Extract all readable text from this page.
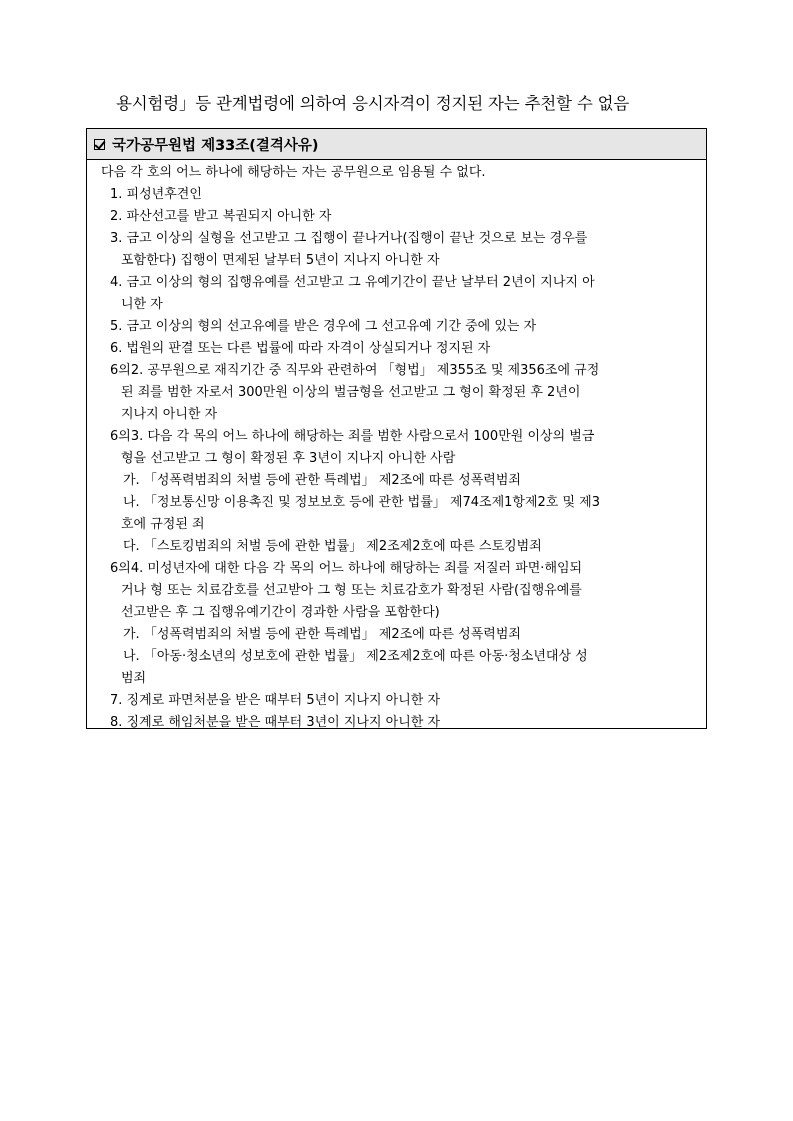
용시험령」등 관계법령에 의하여 응시자격이 정지된 자는 추천할 수 없음
국가공무원법 제33조(결격사유)
다음 각 호의 어느 하나에 해당하는 자는 공무원으로 임용될 수 없다.
1. 피성년후견인
2. 파산선고를 받고 복권되지 아니한 자
3. 금고 이상의 실형을 선고받고 그 집행이 끝나거나(집행이 끝난 것으로 보는 경우를
포함한다) 집행이 면제된 날부터 5년이 지나지 아니한 자
4. 금고 이상의 형의 집행유예를 선고받고 그 유예기간이 끝난 날부터 2년이 지나지 아
니한 자
5. 금고 이상의 형의 선고유예를 받은 경우에 그 선고유예 기간 중에 있는 자
6. 법원의 판결 또는 다른 법률에 따라 자격이 상실되거나 정지된 자
6의2. 공무원으로 재직기간 중 직무와 관련하여 「형법」 제355조 및 제356조에 규정
된 죄를 범한 자로서 300만원 이상의 벌금형을 선고받고 그 형이 확정된 후 2년이
지나지 아니한 자
6의3. 다음 각 목의 어느 하나에 해당하는 죄를 범한 사람으로서 100만원 이상의 벌금
형을 선고받고 그 형이 확정된 후 3년이 지나지 아니한 사람
가. 「성폭력범죄의 처벌 등에 관한 특례법」 제2조에 따른 성폭력범죄
나. 「정보통신망 이용촉진 및 정보보호 등에 관한 법률」 제74조제1항제2호 및 제3
호에 규정된 죄
다. 「스토킹범죄의 처벌 등에 관한 법률」 제2조제2호에 따른 스토킹범죄
6의4. 미성년자에 대한 다음 각 목의 어느 하나에 해당하는 죄를 저질러 파면·해임되
거나 형 또는 치료감호를 선고받아 그 형 또는 치료감호가 확정된 사람(집행유예를
선고받은 후 그 집행유예기간이 경과한 사람을 포함한다)
가. 「성폭력범죄의 처벌 등에 관한 특례법」 제2조에 따른 성폭력범죄
나. 「아동·청소년의 성보호에 관한 법률」 제2조제2호에 따른 아동·청소년대상 성
범죄
7. 징계로 파면처분을 받은 때부터 5년이 지나지 아니한 자
8. 징계로 해임처분을 받은 때부터 3년이 지나지 아니한 자
